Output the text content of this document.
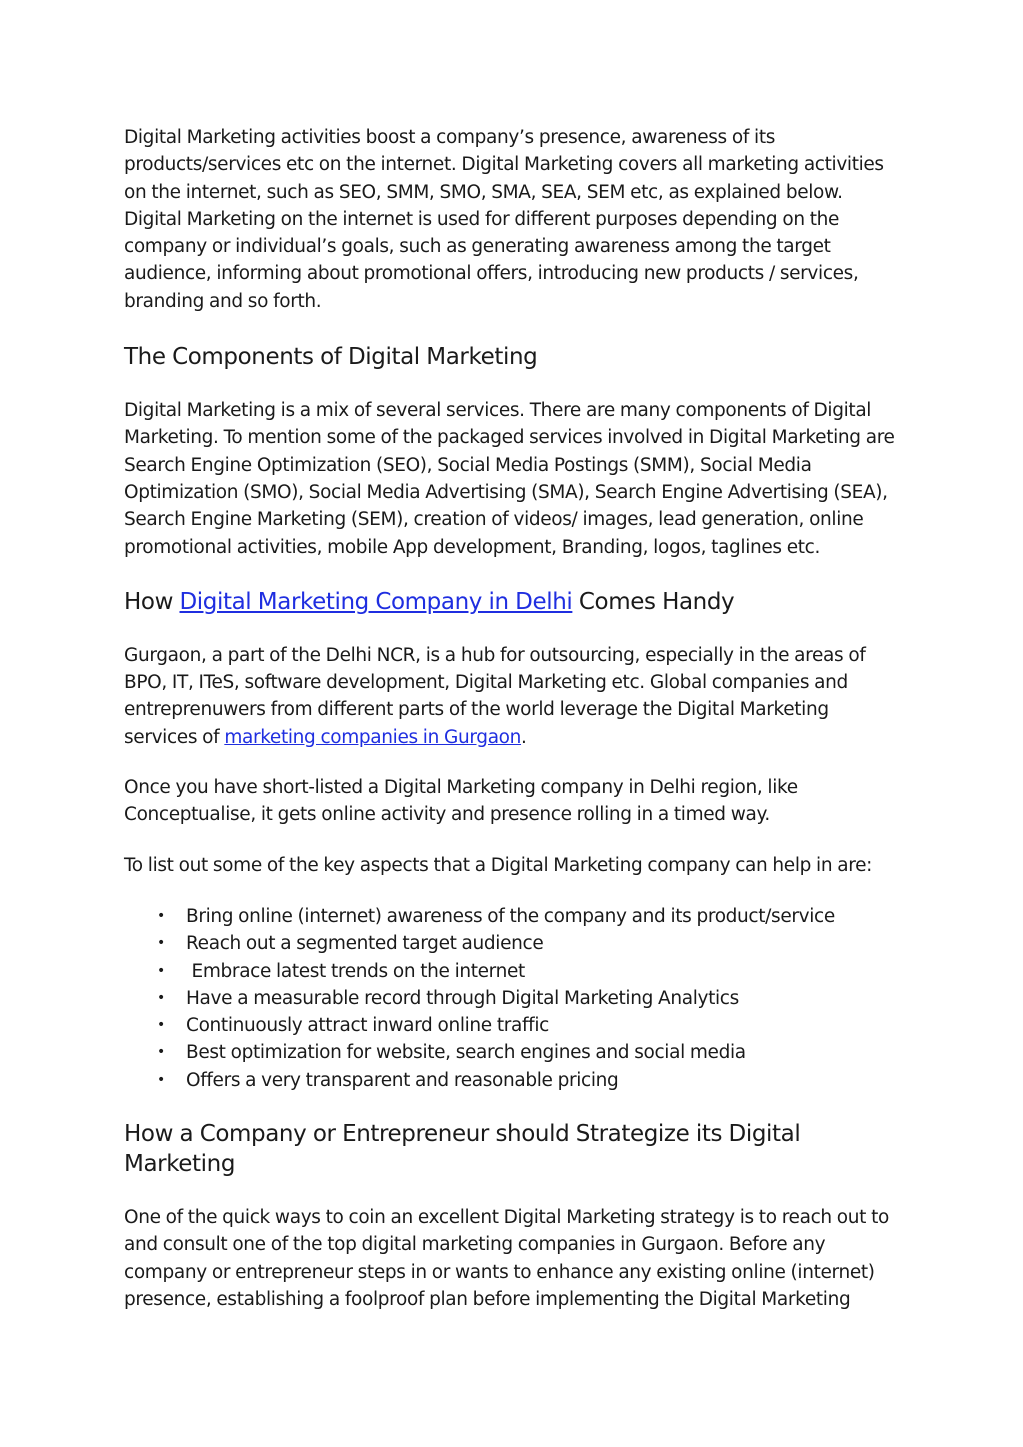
Digital Marketing activities boost a company’s presence, awareness of its products/services etc on the internet. Digital Marketing covers all marketing activities on the internet, such as SEO, SMM, SMO, SMA, SEA, SEM etc, as explained below. Digital Marketing on the internet is used for different purposes depending on the company or individual’s goals, such as generating awareness among the target audience, informing about promotional offers, introducing new products / services, branding and so forth.

The Components of Digital Marketing

Digital Marketing is a mix of several services. There are many components of Digital Marketing. To mention some of the packaged services involved in Digital Marketing are Search Engine Optimization (SEO), Social Media Postings (SMM), Social Media Optimization (SMO), Social Media Advertising (SMA), Search Engine Advertising (SEA), Search Engine Marketing (SEM), creation of videos/ images, lead generation, online promotional activities, mobile App development, Branding, logos, taglines etc.

How Digital Marketing Company in Delhi Comes Handy

Gurgaon, a part of the Delhi NCR, is a hub for outsourcing, especially in the areas of BPO, IT, ITeS, software development, Digital Marketing etc. Global companies and entreprenuwers from different parts of the world leverage the Digital Marketing services of marketing companies in Gurgaon.

Once you have short-listed a Digital Marketing company in Delhi region, like Conceptualise, it gets online activity and presence rolling in a timed way.

To list out some of the key aspects that a Digital Marketing company can help in are:

• Bring online (internet) awareness of the company and its product/service
• Reach out a segmented target audience
• Embrace latest trends on the internet
• Have a measurable record through Digital Marketing Analytics
• Continuously attract inward online traffic
• Best optimization for website, search engines and social media
• Offers a very transparent and reasonable pricing
How a Company or Entrepreneur should Strategize its Digital Marketing

One of the quick ways to coin an excellent Digital Marketing strategy is to reach out to and consult one of the top digital marketing companies in Gurgaon. Before any company or entrepreneur steps in or wants to enhance any existing online (internet) presence, establishing a foolproof plan before implementing the Digital Marketing
